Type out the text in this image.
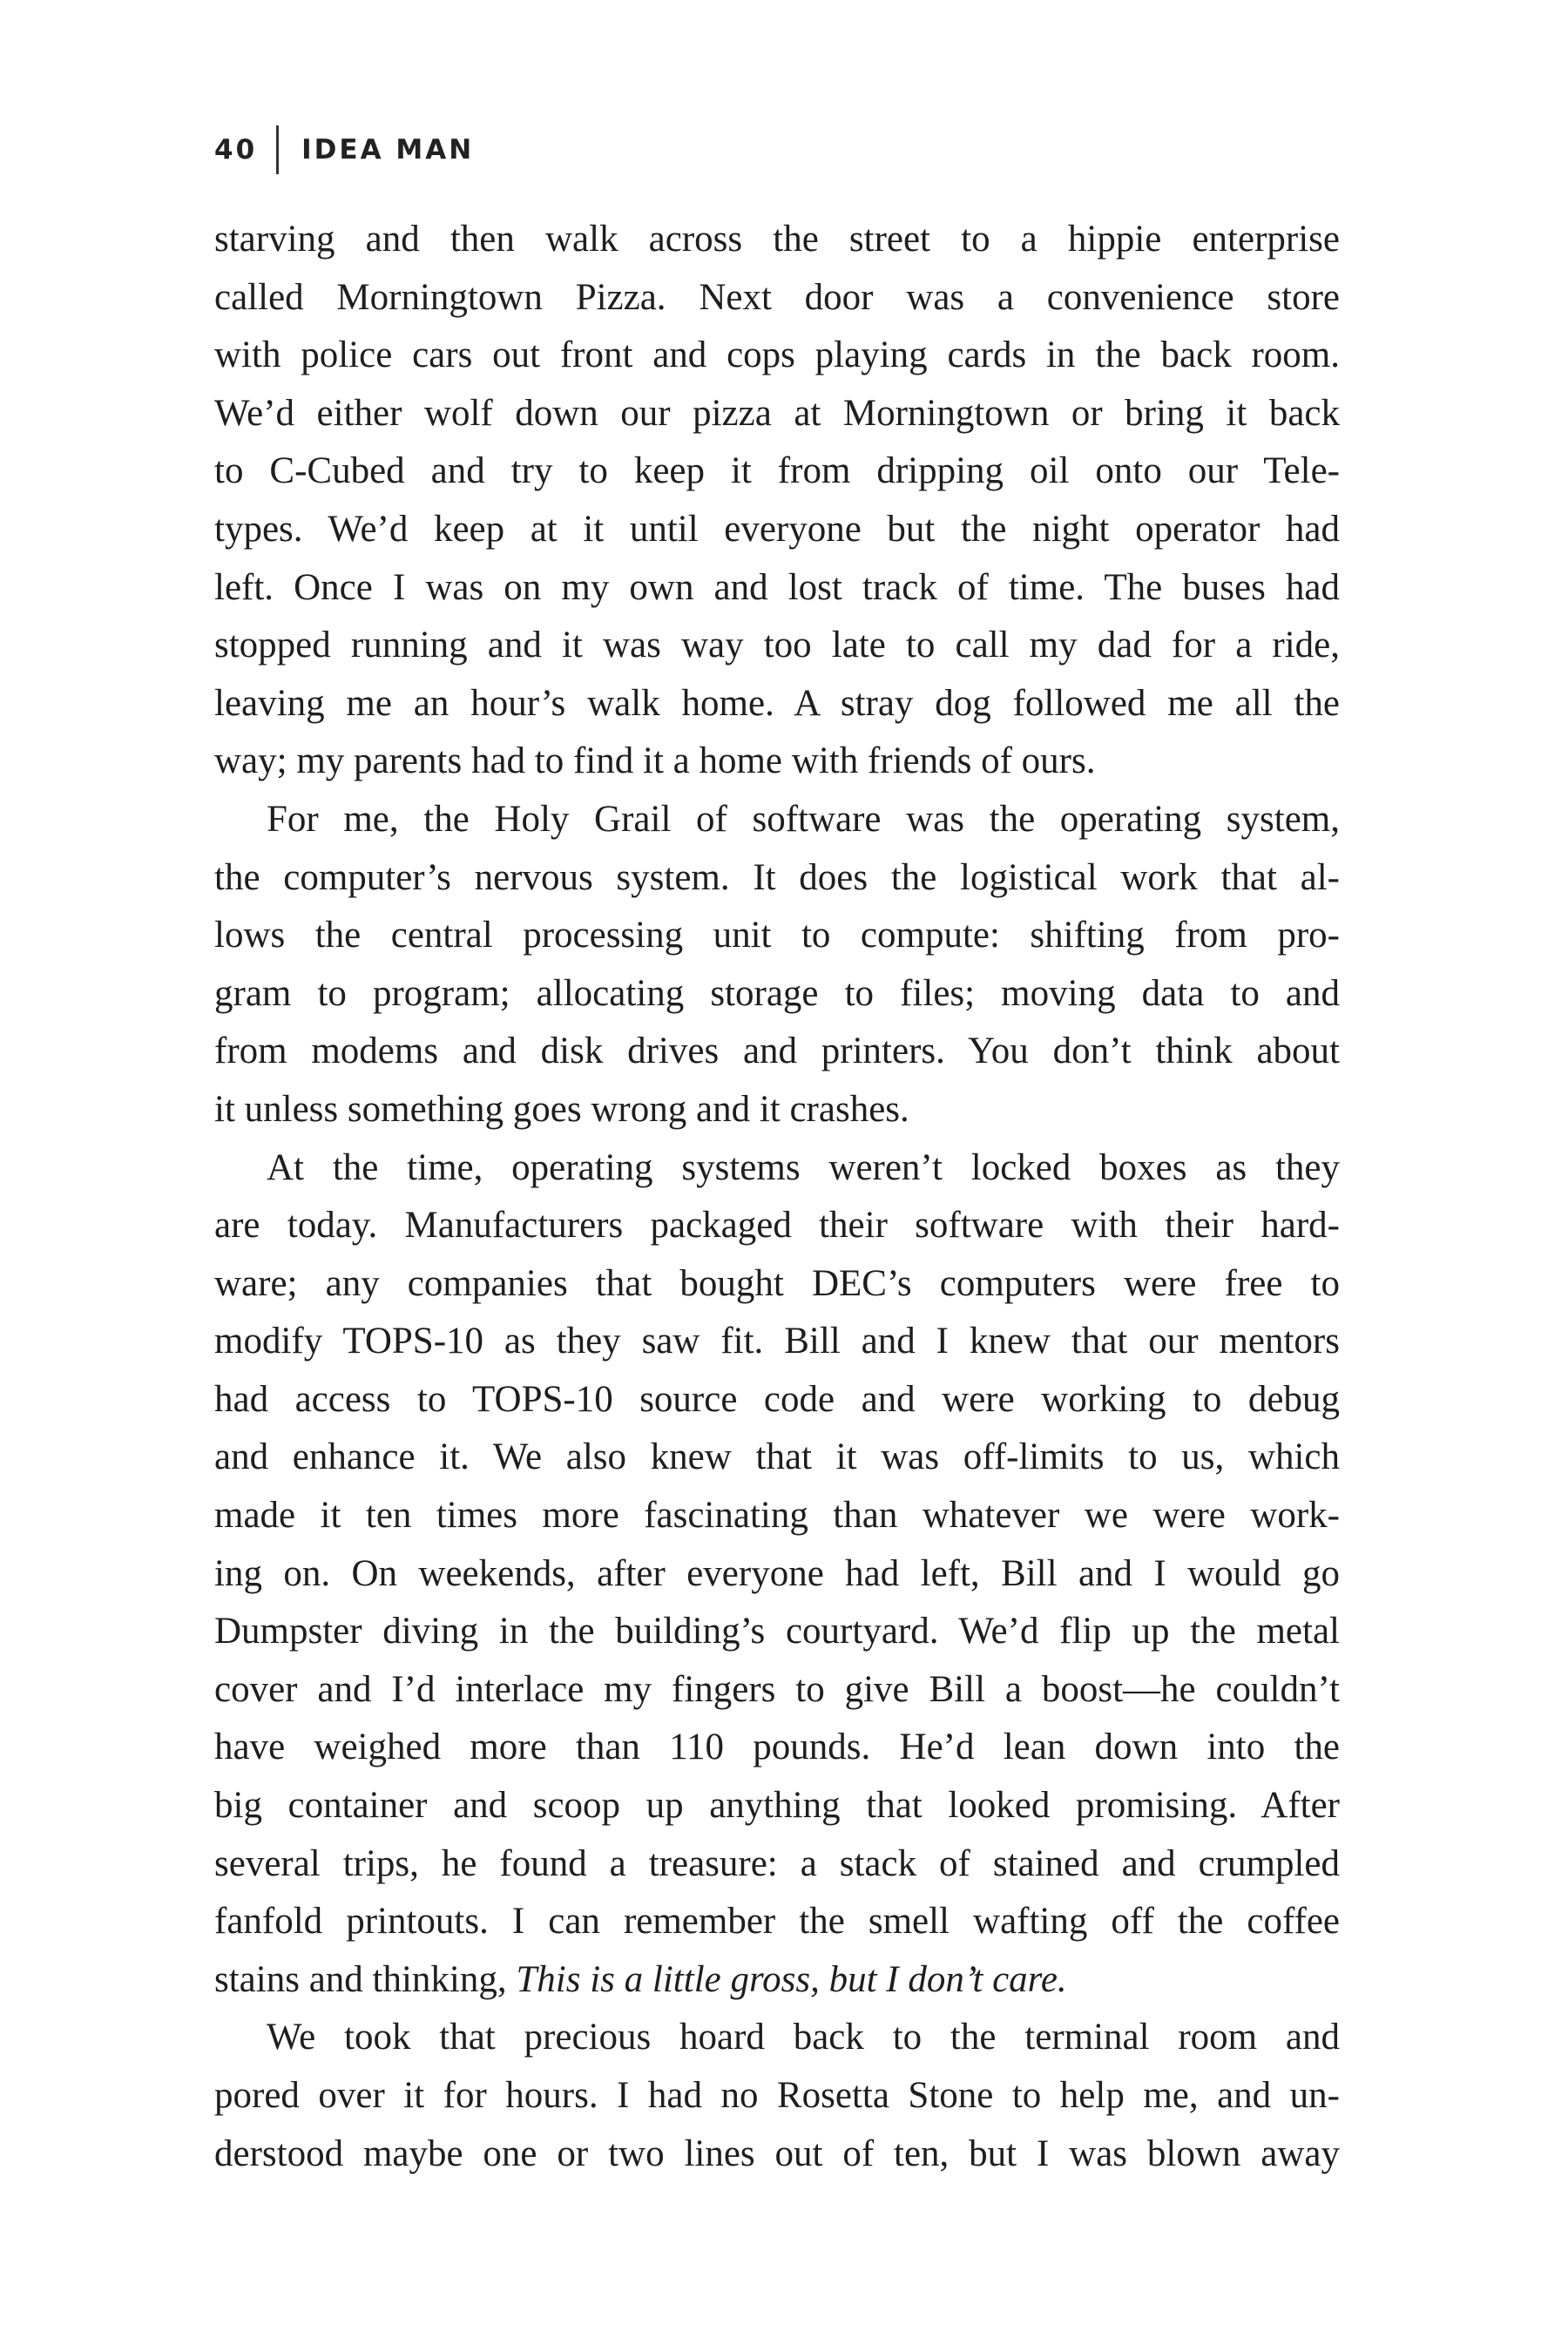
40 IDEA MAN
starving and then walk across the street to a hippie enterprise
called Morningtown Pizza. Next door was a convenience store
with police cars out front and cops playing cards in the back room.
We’d either wolf down our pizza at Morningtown or bring it back
to C-Cubed and try to keep it from dripping oil onto our Tele-
types. We’d keep at it until everyone but the night operator had
left. Once I was on my own and lost track of time. The buses had
stopped running and it was way too late to call my dad for a ride,
leaving me an hour’s walk home. A stray dog followed me all the
way; my parents had to find it a home with friends of ours.
For me, the Holy Grail of software was the operating system,
the computer’s nervous system. It does the logistical work that al-
lows the central processing unit to compute: shifting from pro-
gram to program; allocating storage to files; moving data to and
from modems and disk drives and printers. You don’t think about
it unless something goes wrong and it crashes.
At the time, operating systems weren’t locked boxes as they
are today. Manufacturers packaged their software with their hard-
ware; any companies that bought DEC’s computers were free to
modify TOPS-10 as they saw fit. Bill and I knew that our mentors
had access to TOPS-10 source code and were working to debug
and enhance it. We also knew that it was off-limits to us, which
made it ten times more fascinating than whatever we were work-
ing on. On weekends, after everyone had left, Bill and I would go
Dumpster diving in the building’s courtyard. We’d flip up the metal
cover and I’d interlace my fingers to give Bill a boost—he couldn’t
have weighed more than 110 pounds. He’d lean down into the
big container and scoop up anything that looked promising. After
several trips, he found a treasure: a stack of stained and crumpled
fanfold printouts. I can remember the smell wafting off the coffee
stains and thinking, This is a little gross, but I don’t care.
We took that precious hoard back to the terminal room and
pored over it for hours. I had no Rosetta Stone to help me, and un-
derstood maybe one or two lines out of ten, but I was blown away
